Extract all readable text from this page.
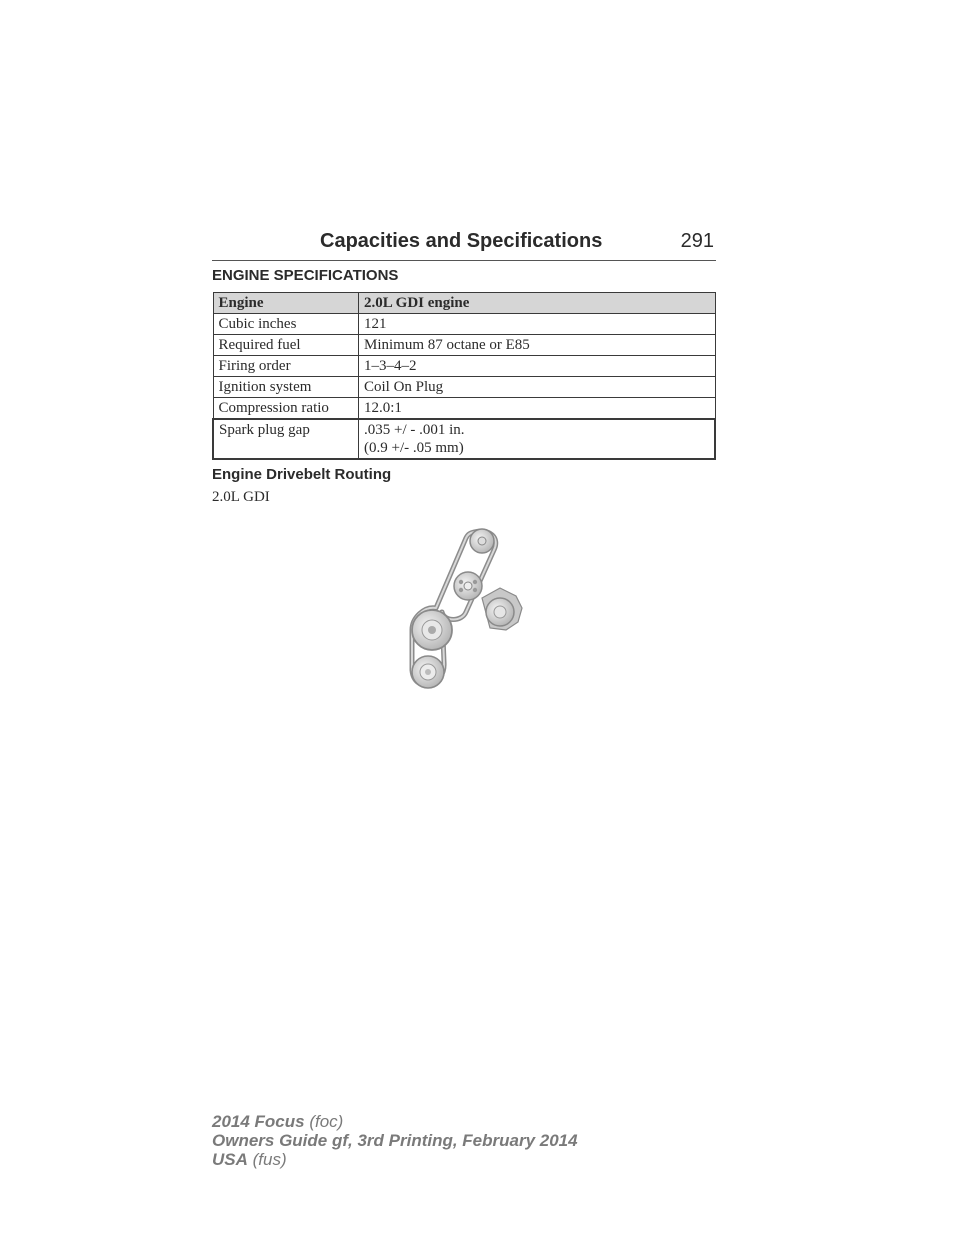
Capacities and Specifications	291
ENGINE SPECIFICATIONS
Engine	2.0L GDI engine
Cubic inches	121
Required fuel	Minimum 87 octane or E85
Firing order	1–3–4–2
Ignition system	Coil On Plug
Compression ratio	12.0:1
Spark plug gap	.035 +/ - .001 in.
(0.9 +/- .05 mm)
Engine Drivebelt Routing
2.0L GDI
2014 Focus (foc)
Owners Guide gf, 3rd Printing, February 2014
USA (fus)
